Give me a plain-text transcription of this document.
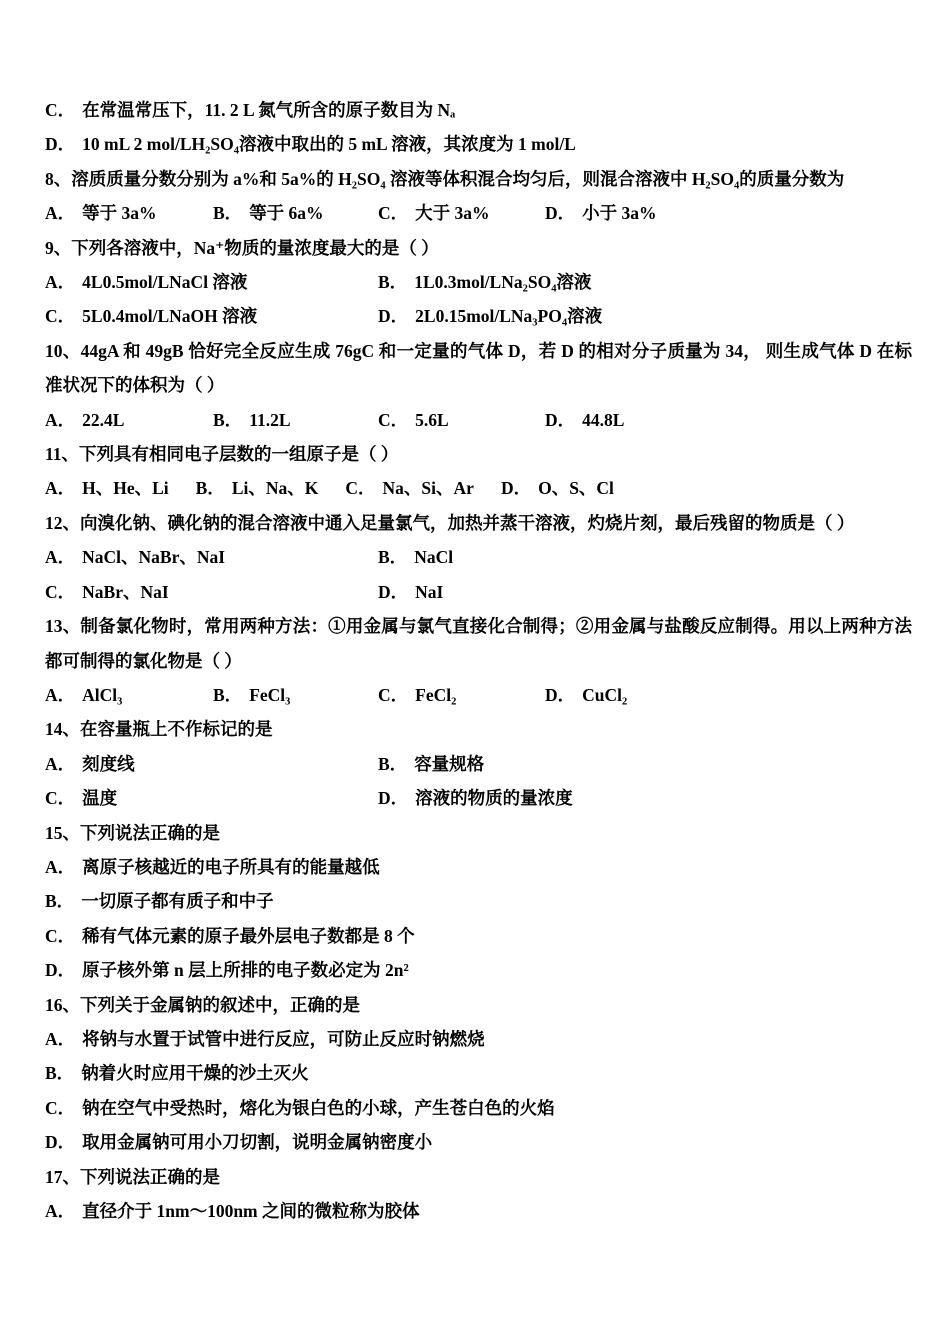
C． 在常温常压下，11. 2 L 氮气所含的原子数目为 Nₐ
D． 10 mL 2 mol/LH₂SO₄溶液中取出的 5 mL 溶液，其浓度为 1 mol/L
8、溶质质量分数分别为 a%和 5a%的 H₂SO₄ 溶液等体积混合均匀后，则混合溶液中 H₂SO₄的质量分数为
A． 等于 3a%	B． 等于 6a%	C． 大于 3a%	D． 小于 3a%
9、下列各溶液中，Na⁺物质的量浓度最大的是（ ）
A． 4L0.5mol/LNaCl 溶液	B． 1L0.3mol/LNa₂SO₄溶液
C． 5L0.4mol/LNaOH 溶液	D． 2L0.15mol/LNa₃PO₄溶液
10、44gA 和 49gB 恰好完全反应生成 76gC 和一定量的气体 D，若 D 的相对分子质量为 34， 则生成气体 D 在标准状况下的体积为（ ）
A． 22.4L	B． 11.2L	C． 5.6L	D． 44.8L
11、下列具有相同电子层数的一组原子是（ ）
A． H、He、Li B． Li、Na、K C． Na、Si、Ar D． O、S、Cl
12、向溴化钠、碘化钠的混合溶液中通入足量氯气，加热并蒸干溶液，灼烧片刻，最后残留的物质是（ ）
A． NaCl、NaBr、NaI	B． NaCl
C． NaBr、NaI	D． NaI
13、制备氯化物时，常用两种方法：①用金属与氯气直接化合制得；②用金属与盐酸反应制得。用以上两种方法都可制得的氯化物是（ ）
A． AlCl₃	B． FeCl₃	C． FeCl₂	D． CuCl₂
14、在容量瓶上不作标记的是
A． 刻度线	B． 容量规格
C． 温度	D． 溶液的物质的量浓度
15、下列说法正确的是
A． 离原子核越近的电子所具有的能量越低
B． 一切原子都有质子和中子
C． 稀有气体元素的原子最外层电子数都是 8 个
D． 原子核外第 n 层上所排的电子数必定为 2n²
16、下列关于金属钠的叙述中，正确的是
A． 将钠与水置于试管中进行反应，可防止反应时钠燃烧
B． 钠着火时应用干燥的沙土灭火
C． 钠在空气中受热时，熔化为银白色的小球，产生苍白色的火焰
D． 取用金属钠可用小刀切割，说明金属钠密度小
17、下列说法正确的是
A． 直径介于 1nm～100nm 之间的微粒称为胶体
